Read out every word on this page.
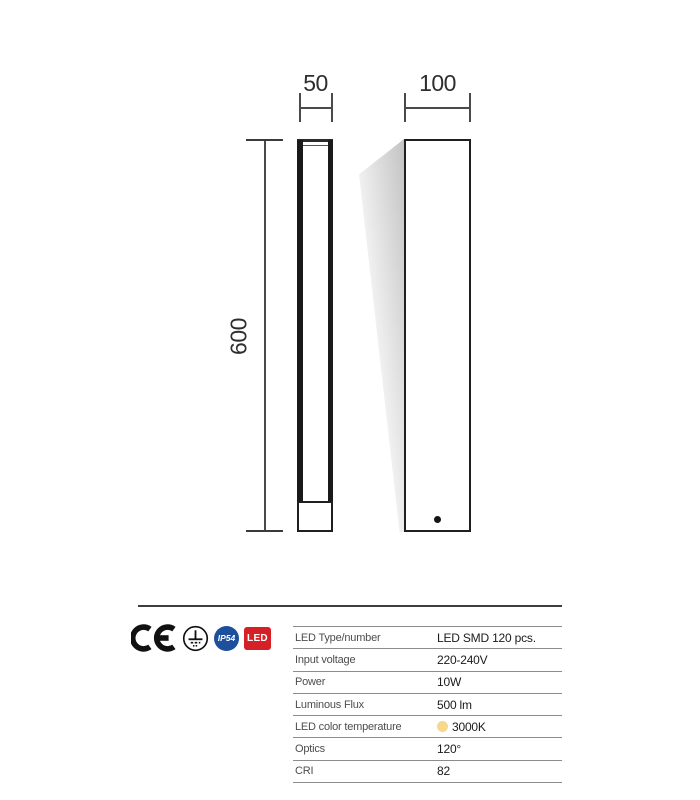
50	100
600
IP54 LED LED Type/number	LED SMD 120 pcs.
Input voltage	220-240V
Power	10W
Luminous Flux	500 lm
LED color temperature	3000K
Optics	120°
CRI	82
